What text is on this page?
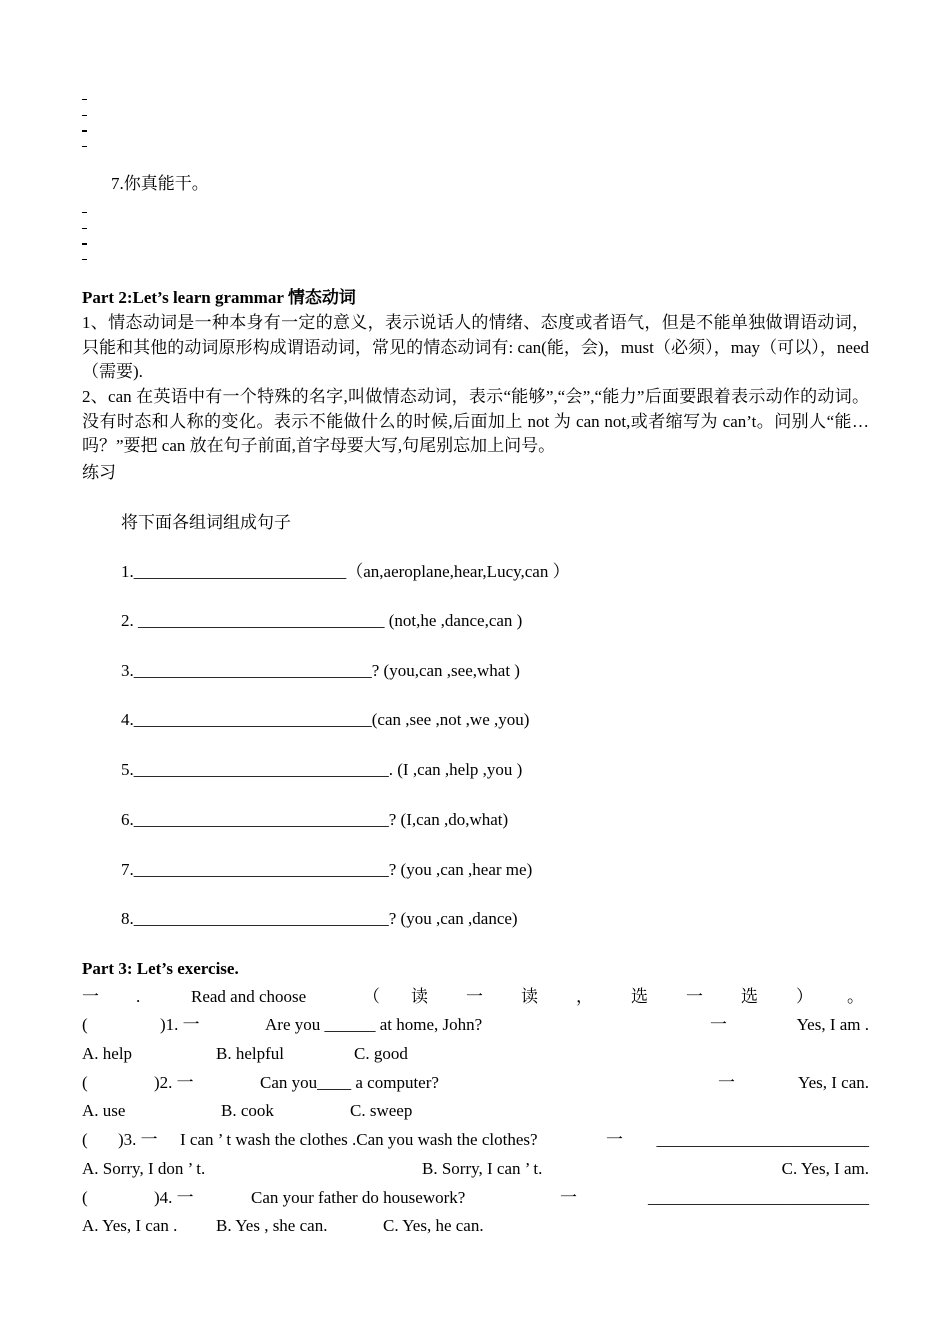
7.你真能干。
Part 2:Let’s learn grammar 情态动词
1、情态动词是一种本身有一定的意义，表示说话人的情绪、态度或者语气，但是不能单独做谓语动词，只能和其他的动词原形构成谓语动词，常见的情态动词有: can(能，会)，must（必须），may（可以），need（需要).
2、can 在英语中有一个特殊的名字,叫做情态动词，表示“能够”,“会”,“能力”后面要跟着表示动作的动词。没有时态和人称的变化。表示不能做什么的时候,后面加上 not 为 can not,或者缩写为 can’t。问别人“能…吗？”要把 can 放在句子前面,首字母要大写,句尾别忘加上问号。
练习
将下面各组词组成句子
1._________________________（an,aeroplane,hear,Lucy,can ）
2. _____________________________ (not,he ,dance,can )
3.____________________________? (you,can ,see,what )
4.____________________________(can ,see ,not ,we ,you)
5.______________________________. (I ,can ,help ,you )
6.______________________________? (I,can ,do,what)
7.______________________________? (you ,can ,hear me)
8.______________________________? (you ,can ,dance)
Part 3: Let’s exercise.
一 .	Read and choose	（ 读 一 读 ， 选 一 选 ） 。
(	)1. 一	Are you ______ at home, John?	一	Yes, I am .
A. help	B. helpful	C. good
(	)2. 一	Can you____ a computer?	一	Yes, I can.
A. use	B. cook	C. sweep
( )3. 一 I can ’ t wash the clothes .Can you wash the clothes?	一 _________________________
A. Sorry, I don ’ t.	B. Sorry, I can ’ t.	C. Yes, I am.
(	)4. 一	Can your father do housework?	一	__________________________
A. Yes, I can . B. Yes , she can.	C. Yes, he can.
